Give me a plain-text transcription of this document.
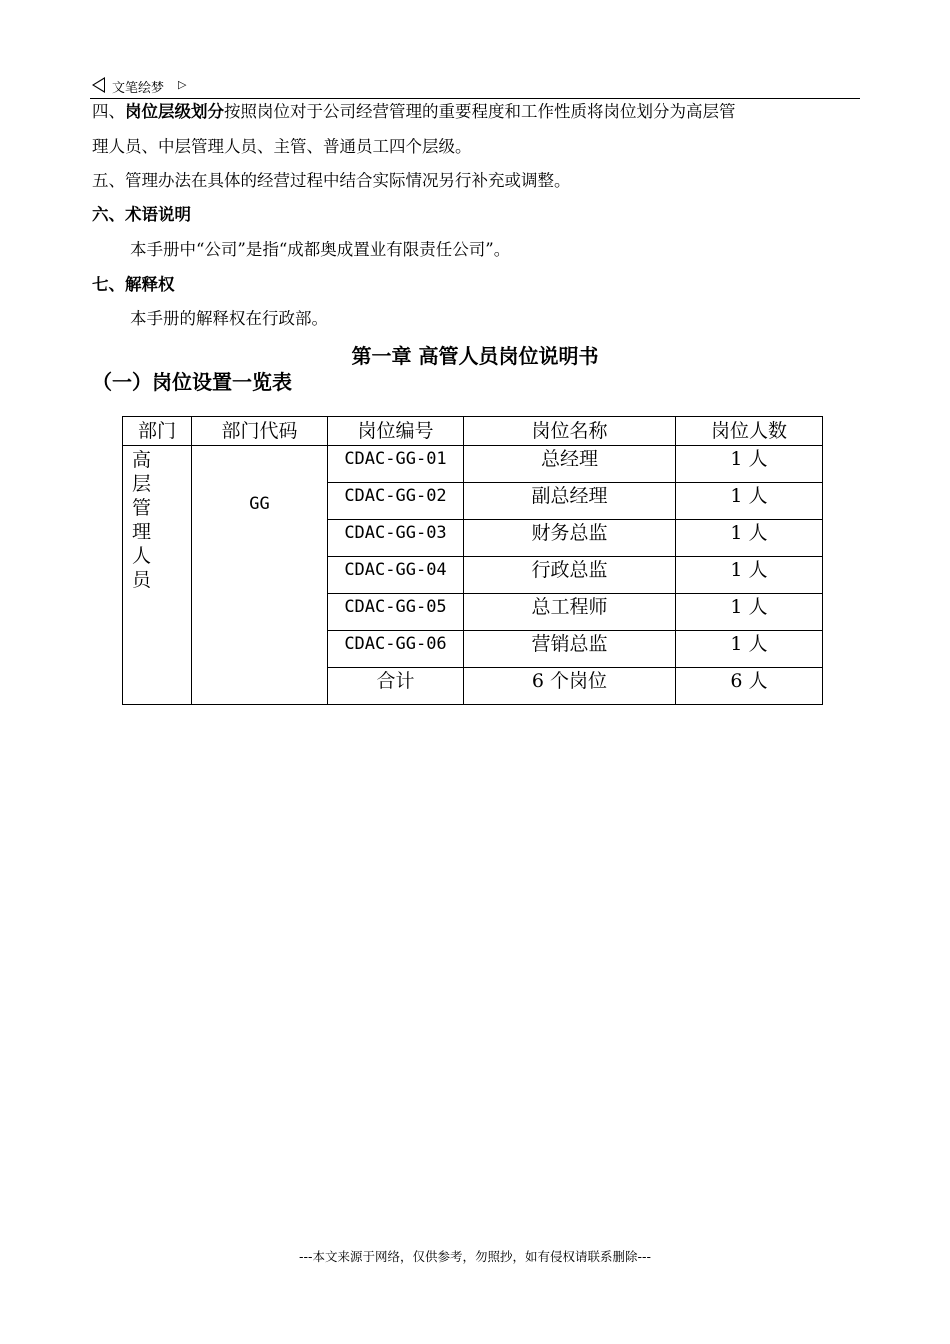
文笔绘梦 ▷
四、岗位层级划分按照岗位对于公司经营管理的重要程度和工作性质将岗位划分为高层管
理人员、中层管理人员、主管、普通员工四个层级。
五、管理办法在具体的经营过程中结合实际情况另行补充或调整。
六、术语说明
本手册中“公司”是指“成都奥成置业有限责任公司”。
七、解释权
本手册的解释权在行政部。
第一章 高管人员岗位说明书
（一）岗位设置一览表
部门	部门代码	岗位编号	岗位名称	岗位人数

高层管理人员	GG	CDAC-GG-01	总经理	1 人
		CDAC-GG-02	副总经理	1 人
		CDAC-GG-03	财务总监	1 人
		CDAC-GG-04	行政总监	1 人
		CDAC-GG-05	总工程师	1 人
		CDAC-GG-06	营销总监	1 人
		合计	6 个岗位	6 人
---本文来源于网络，仅供参考，勿照抄，如有侵权请联系删除---
